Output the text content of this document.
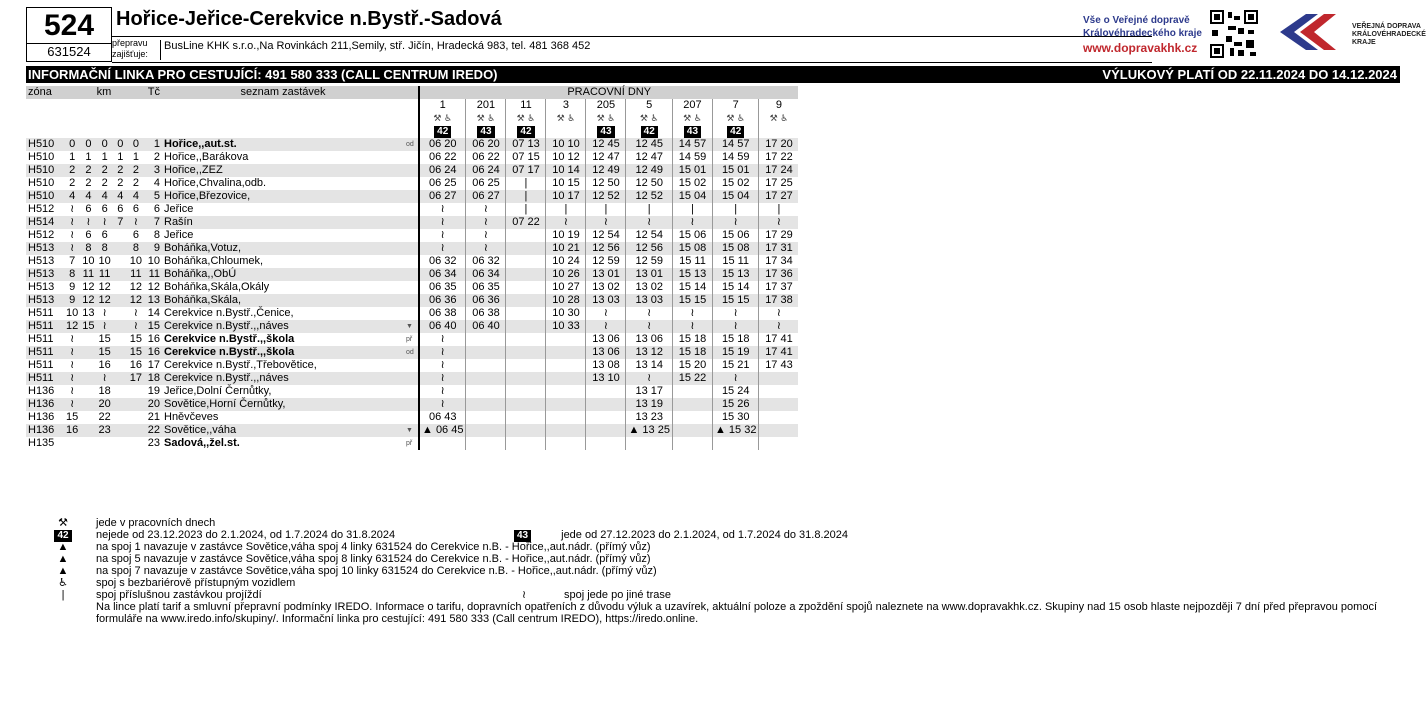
524
631524
Hořice-Jeřice-Cerekvice n.Bystř.-Sadová
přepravu
zajišťuje:
BusLine KHK s.r.o.,Na Rovinkách 211,Semily, stř. Jičín, Hradecká 983, tel. 481 368 452
Vše o Veřejné dopravě
Královéhradeckého kraje
www.dopravakhk.cz
VEŘEJNÁ DOPRAVA
KRÁLOVÉHRADECKÉ
KRAJE
INFORMAČNÍ LINKA PRO CESTUJÍCÍ: 491 580 333 (CALL CENTRUM IREDO)	VÝLUKOVÝ PLATÍ OD 22.11.2024 DO 14.12.2024
zóna	km					Tč	seznam zastávek		PRACOVNÍ DNY								
									1	201	11	3	205	5	207	7	9
									⚒ ♿	⚒ ♿	⚒ ♿	⚒ ♿	⚒ ♿	⚒ ♿	⚒ ♿	⚒ ♿	⚒ ♿
									42	43	42		43	42	43	42	
H510	0	0	0	0	0	1	Hořice,,aut.st.	od	06 20	06 20	07 13	10 10	12 45	12 45	14 57	14 57	17 20
H510	1	1	1	1	1	2	Hořice,,Barákova		06 22	06 22	07 15	10 12	12 47	12 47	14 59	14 59	17 22
H510	2	2	2	2	2	3	Hořice,,ZEZ		06 24	06 24	07 17	10 14	12 49	12 49	15 01	15 01	17 24
H510	2	2	2	2	2	4	Hořice,Chvalina,odb.		06 25	06 25	|	10 15	12 50	12 50	15 02	15 02	17 25
H510	4	4	4	4	4	5	Hořice,Březovice,		06 27	06 27	|	10 17	12 52	12 52	15 04	15 04	17 27
H512	≀	6	6	6	6	6	Jeřice		≀	≀	|	|	|	|	|	|	|
H514	≀	≀	≀	7	≀	7	Rašín		≀	≀	07 22	≀	≀	≀	≀	≀	≀
H512	≀	6	6		6	8	Jeřice		≀	≀		10 19	12 54	12 54	15 06	15 06	17 29
H513	≀	8	8		8	9	Boháňka,Votuz,		≀	≀		10 21	12 56	12 56	15 08	15 08	17 31
H513	7	10	10		10	10	Boháňka,Chloumek,		06 32	06 32		10 24	12 59	12 59	15 11	15 11	17 34
H513	8	11	11		11	11	Boháňka,,ObÚ		06 34	06 34		10 26	13 01	13 01	15 13	15 13	17 36
H513	9	12	12		12	12	Boháňka,Skála,Okály		06 35	06 35		10 27	13 02	13 02	15 14	15 14	17 37
H513	9	12	12		12	13	Boháňka,Skála,		06 36	06 36		10 28	13 03	13 03	15 15	15 15	17 38
H511	10	13	≀		≀	14	Cerekvice n.Bystř.,Čenice,		06 38	06 38		10 30	≀	≀	≀	≀	≀
H511	12	15	≀		≀	15	Cerekvice n.Bystř.,,náves	▼	06 40	06 40		10 33	≀	≀	≀	≀	≀
H511	≀		15		15	16	Cerekvice n.Bystř.,,škola	př	≀				13 06	13 06	15 18	15 18	17 41
H511	≀		15		15	16	Cerekvice n.Bystř.,,škola	od	≀				13 06	13 12	15 18	15 19	17 41
H511	≀		16		16	17	Cerekvice n.Bystř.,Třebovětice,		≀				13 08	13 14	15 20	15 21	17 43
H511	≀		≀		17	18	Cerekvice n.Bystř.,,náves		≀				13 10	≀	15 22	≀	
H136	≀		18			19	Jeřice,Dolní Černůtky,		≀					13 17		15 24	
H136	≀		20			20	Sovětice,Horní Černůtky,		≀					13 19		15 26	
H136	15		22			21	Hněvčeves		06 43					13 23		15 30	
H136	16		23			22	Sovětice,,váha	▼	▲ 06 45					▲ 13 25		▲ 15 32	
H135						23	Sadová,,žel.st.	př									
⚒	jede v pracovních dnech
42	nejede od 23.12.2023 do 2.1.2024, od 1.7.2024 do 31.8.2024	43	jede od 27.12.2023 do 2.1.2024, od 1.7.2024 do 31.8.2024
▲	na spoj 1 navazuje v zastávce Sovětice,váha spoj 4 linky 631524 do Cerekvice n.B. - Hořice,,aut.nádr. (přímý vůz)
▲	na spoj 5 navazuje v zastávce Sovětice,váha spoj 8 linky 631524 do Cerekvice n.B. - Hořice,,aut.nádr. (přímý vůz)
▲	na spoj 7 navazuje v zastávce Sovětice,váha spoj 10 linky 631524 do Cerekvice n.B. - Hořice,,aut.nádr. (přímý vůz)
♿	spoj s bezbariérově přístupným vozidlem
|	spoj příslušnou zastávkou projíždí	≀	spoj jede po jiné trase
Na lince platí tarif a smluvní přepravní podmínky IREDO. Informace o tarifu, dopravních opatřeních z důvodu výluk a uzavírek, aktuální poloze a zpoždění spojů naleznete na www.dopravakhk.cz. Skupiny nad 15 osob hlaste nejpozději 7 dní před přepravou pomocí formuláře na www.iredo.info/skupiny/. Informační linka pro cestující: 491 580 333 (Call centrum IREDO), https://iredo.online.
